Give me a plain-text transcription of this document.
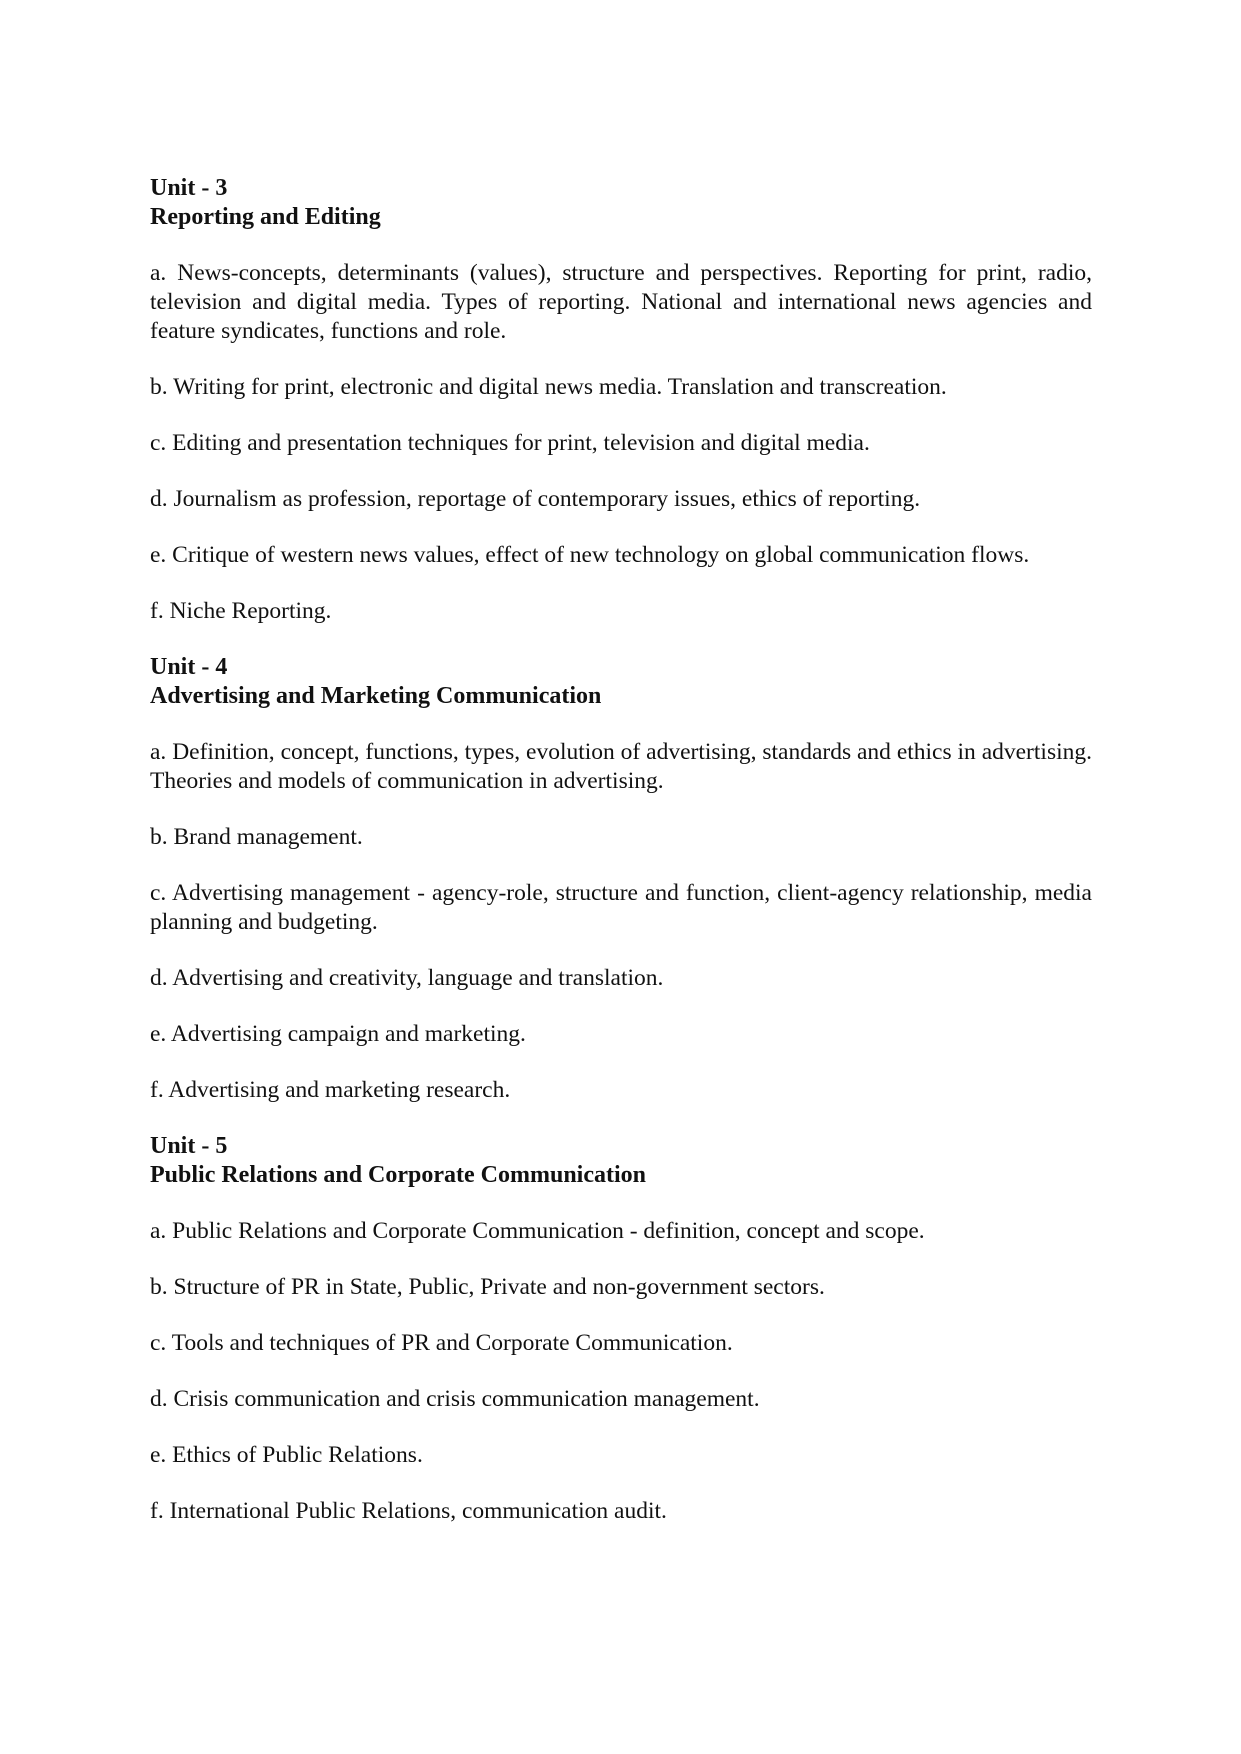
Unit - 3

Reporting and Editing

a. News-concepts, determinants (values), structure and perspectives. Reporting for print, radio, television and digital media. Types of reporting. National and international news agencies and feature syndicates, functions and role.

b. Writing for print, electronic and digital news media. Translation and transcreation.

c. Editing and presentation techniques for print, television and digital media.

d. Journalism as profession, reportage of contemporary issues, ethics of reporting.

e. Critique of western news values, effect of new technology on global communication flows.

f. Niche Reporting.

Unit - 4

Advertising and Marketing Communication

a. Definition, concept, functions, types, evolution of advertising, standards and ethics in advertising. Theories and models of communication in advertising.

b. Brand management.

c. Advertising management - agency-role, structure and function, client-agency relationship, media planning and budgeting.

d. Advertising and creativity, language and translation.

e. Advertising campaign and marketing.

f. Advertising and marketing research.

Unit - 5

Public Relations and Corporate Communication

a. Public Relations and Corporate Communication - definition, concept and scope.

b. Structure of PR in State, Public, Private and non-government sectors.

c. Tools and techniques of PR and Corporate Communication.

d. Crisis communication and crisis communication management.

e. Ethics of Public Relations.

f. International Public Relations, communication audit.
